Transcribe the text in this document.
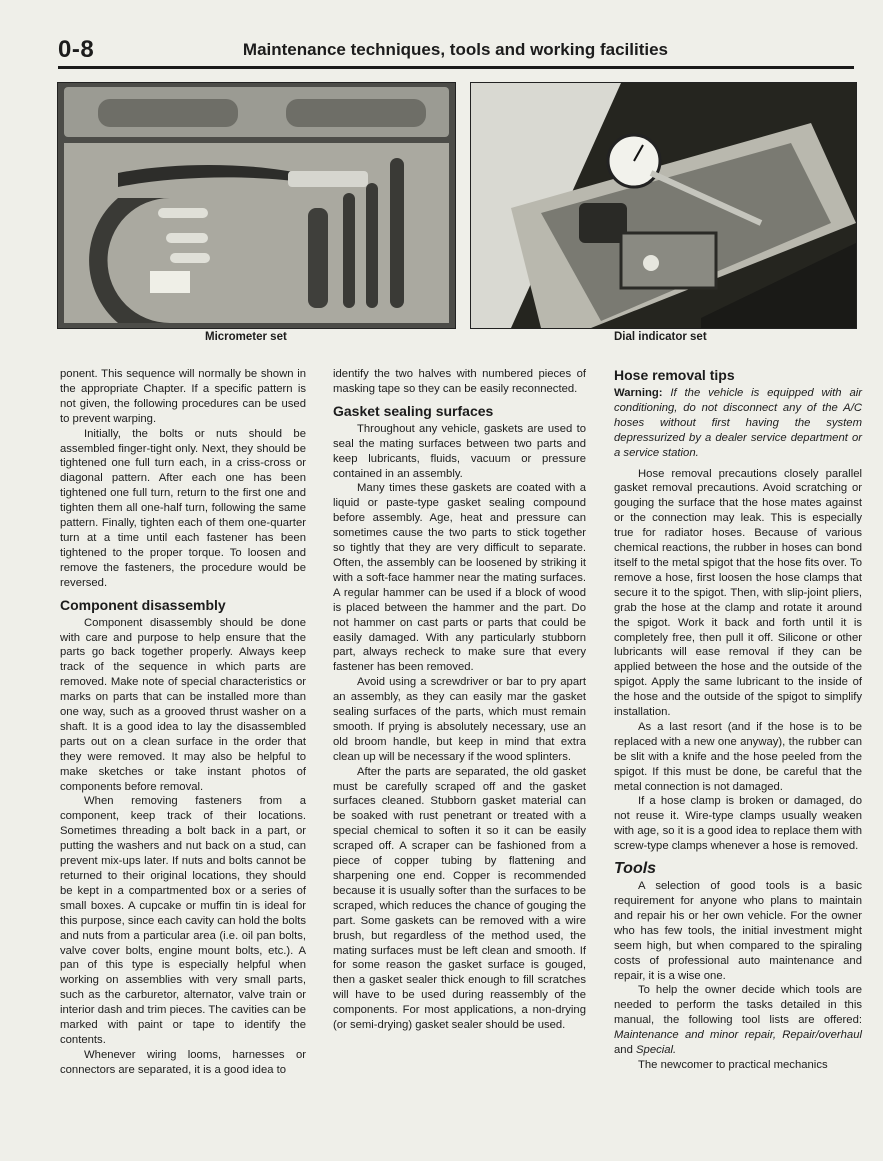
0-8	Maintenance techniques, tools and working facilities
Micrometer set	Dial indicator set

ponent. This sequence will normally be shown in the appropriate Chapter. If a specific pattern is not given, the following procedures can be used to prevent warping.

Initially, the bolts or nuts should be assembled finger-tight only. Next, they should be tightened one full turn each, in a criss-cross or diagonal pattern. After each one has been tightened one full turn, return to the first one and tighten them all one-half turn, following the same pattern. Finally, tighten each of them one-quarter turn at a time until each fastener has been tightened to the proper torque. To loosen and remove the fasteners, the procedure would be reversed.

Component disassembly

Component disassembly should be done with care and purpose to help ensure that the parts go back together properly. Always keep track of the sequence in which parts are removed. Make note of special characteristics or marks on parts that can be installed more than one way, such as a grooved thrust washer on a shaft. It is a good idea to lay the disassembled parts out on a clean surface in the order that they were removed. It may also be helpful to make sketches or take instant photos of components before removal.

When removing fasteners from a component, keep track of their locations. Sometimes threading a bolt back in a part, or putting the washers and nut back on a stud, can prevent mix-ups later. If nuts and bolts cannot be returned to their original locations, they should be kept in a compartmented box or a series of small boxes. A cupcake or muffin tin is ideal for this purpose, since each cavity can hold the bolts and nuts from a particular area (i.e. oil pan bolts, valve cover bolts, engine mount bolts, etc.). A pan of this type is especially helpful when working on assemblies with very small parts, such as the carburetor, alternator, valve train or interior dash and trim pieces. The cavities can be marked with paint or tape to identify the contents.

Whenever wiring looms, harnesses or connectors are separated, it is a good idea to

identify the two halves with numbered pieces of masking tape so they can be easily reconnected.

Gasket sealing surfaces

Throughout any vehicle, gaskets are used to seal the mating surfaces between two parts and keep lubricants, fluids, vacuum or pressure contained in an assembly.

Many times these gaskets are coated with a liquid or paste-type gasket sealing compound before assembly. Age, heat and pressure can sometimes cause the two parts to stick together so tightly that they are very difficult to separate. Often, the assembly can be loosened by striking it with a soft-face hammer near the mating surfaces. A regular hammer can be used if a block of wood is placed between the hammer and the part. Do not hammer on cast parts or parts that could be easily damaged. With any particularly stubborn part, always recheck to make sure that every fastener has been removed.

Avoid using a screwdriver or bar to pry apart an assembly, as they can easily mar the gasket sealing surfaces of the parts, which must remain smooth. If prying is absolutely necessary, use an old broom handle, but keep in mind that extra clean up will be necessary if the wood splinters.

After the parts are separated, the old gasket must be carefully scraped off and the gasket surfaces cleaned. Stubborn gasket material can be soaked with rust penetrant or treated with a special chemical to soften it so it can be easily scraped off. A scraper can be fashioned from a piece of copper tubing by flattening and sharpening one end. Copper is recommended because it is usually softer than the surfaces to be scraped, which reduces the chance of gouging the part. Some gaskets can be removed with a wire brush, but regardless of the method used, the mating surfaces must be left clean and smooth. If for some reason the gasket surface is gouged, then a gasket sealer thick enough to fill scratches will have to be used during reassembly of the components. For most applications, a non-drying (or semi-drying) gasket sealer should be used.

Hose removal tips

Warning: If the vehicle is equipped with air conditioning, do not disconnect any of the A/C hoses without first having the system depressurized by a dealer service department or a service station.

Hose removal precautions closely parallel gasket removal precautions. Avoid scratching or gouging the surface that the hose mates against or the connection may leak. This is especially true for radiator hoses. Because of various chemical reactions, the rubber in hoses can bond itself to the metal spigot that the hose fits over. To remove a hose, first loosen the hose clamps that secure it to the spigot. Then, with slip-joint pliers, grab the hose at the clamp and rotate it around the spigot. Work it back and forth until it is completely free, then pull it off. Silicone or other lubricants will ease removal if they can be applied between the hose and the outside of the spigot. Apply the same lubricant to the inside of the hose and the outside of the spigot to simplify installation.

As a last resort (and if the hose is to be replaced with a new one anyway), the rubber can be slit with a knife and the hose peeled from the spigot. If this must be done, be careful that the metal connection is not damaged.

If a hose clamp is broken or damaged, do not reuse it. Wire-type clamps usually weaken with age, so it is a good idea to replace them with screw-type clamps whenever a hose is removed.

Tools

A selection of good tools is a basic requirement for anyone who plans to maintain and repair his or her own vehicle. For the owner who has few tools, the initial investment might seem high, but when compared to the spiraling costs of professional auto maintenance and repair, it is a wise one.

To help the owner decide which tools are needed to perform the tasks detailed in this manual, the following tool lists are offered: Maintenance and minor repair, Repair/overhaul and Special.

The newcomer to practical mechanics
